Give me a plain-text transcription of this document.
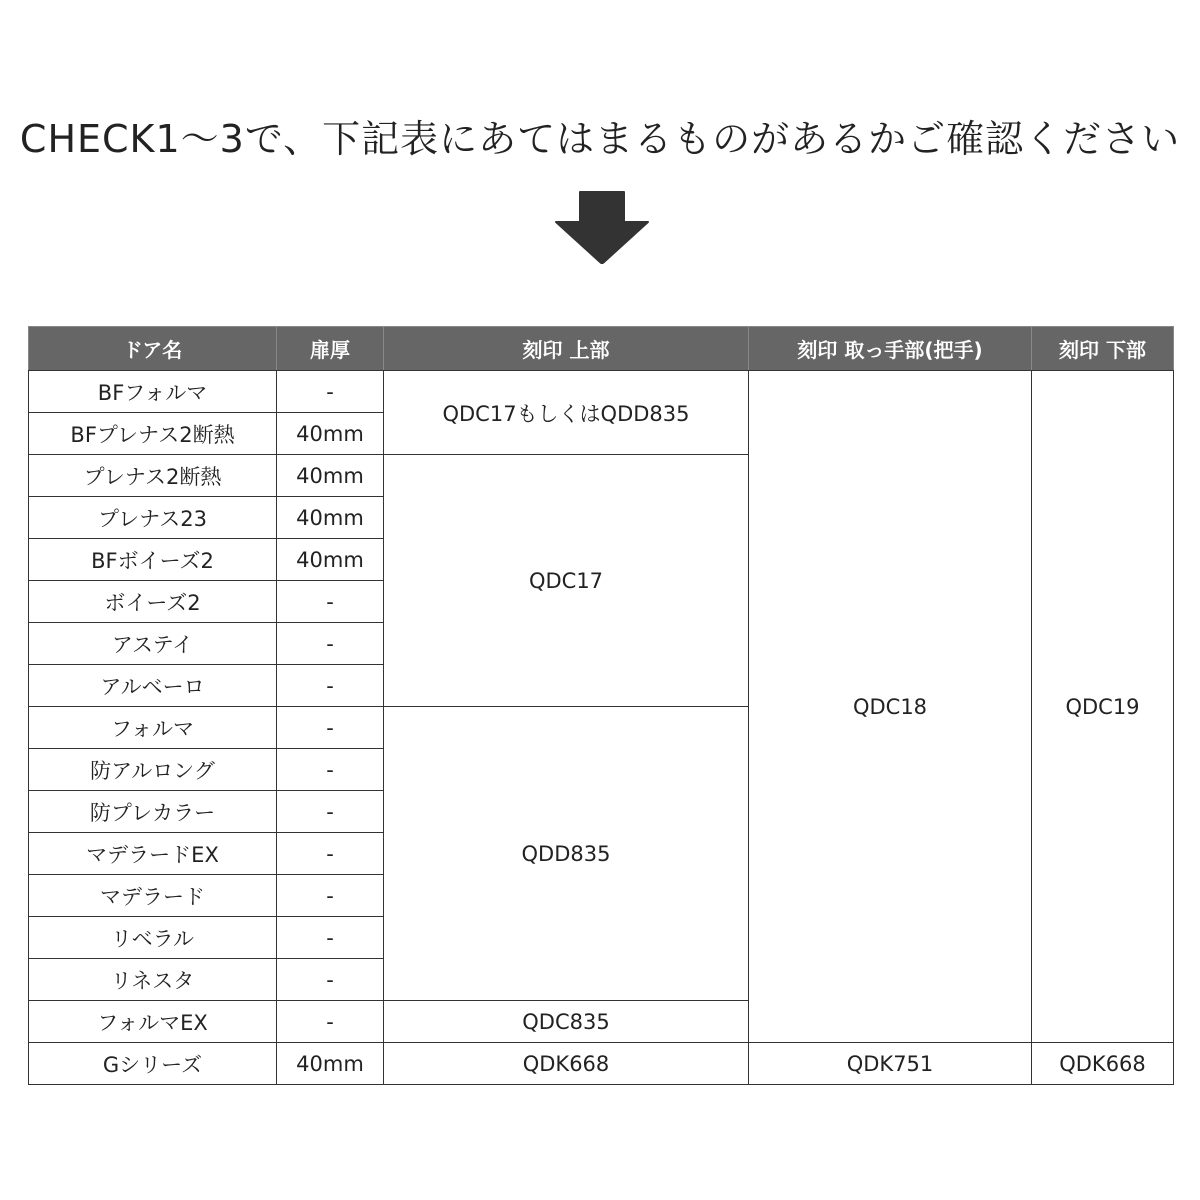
CHECK1～3で、下記表にあてはまるものがあるかご確認ください
ドア名	扉厚	刻印 上部	刻印 取っ手部(把手)	刻印 下部
BFフォルマ	-	QDC17もしくはQDD835	QDC18	QDC19
BFプレナス2断熱	40mm			
プレナス2断熱	40mm	QDC17		
プレナス23	40mm			
BFボイーズ2	40mm			
ボイーズ2	-			
アステイ	-			
アルベーロ	-			
フォルマ	-	QDD835		
防アルロング	-			
防プレカラー	-			
マデラードEX	-			
マデラード	-			
リベラル	-			
リネスタ	-			
フォルマEX	-	QDC835		
Gシリーズ	40mm	QDK668	QDK751	QDK668
